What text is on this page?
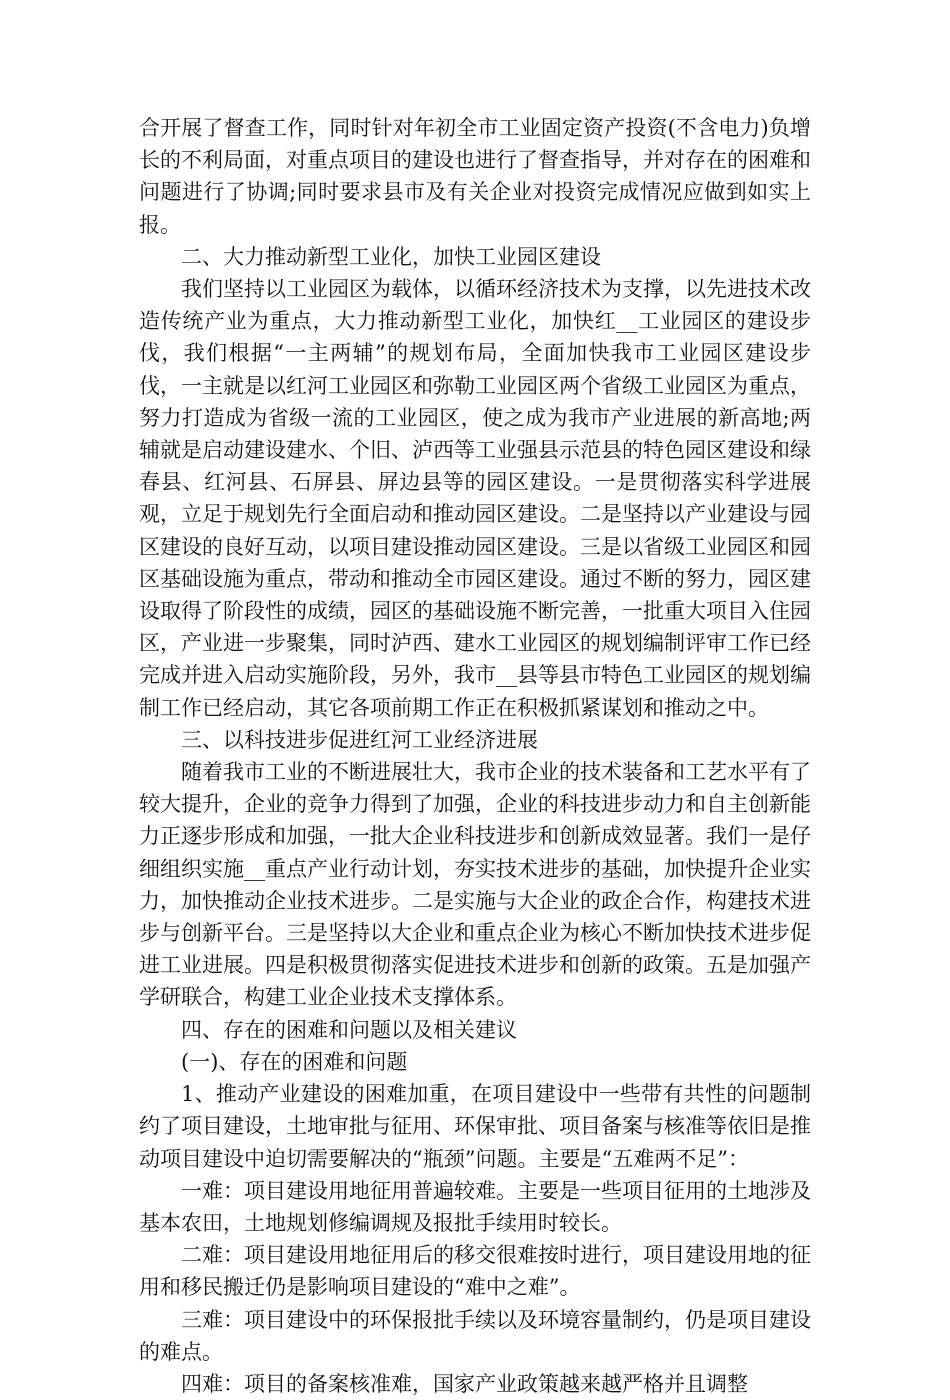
合开展了督查工作，同时针对年初全市工业固定资产投资(不含电力)负增长的不利局面，对重点项目的建设也进行了督查指导，并对存在的困难和问题进行了协调;同时要求县市及有关企业对投资完成情况应做到如实上报。

二、大力推动新型工业化，加快工业园区建设

我们坚持以工业园区为载体，以循环经济技术为支撑，以先进技术改造传统产业为重点，大力推动新型工业化，加快红__工业园区的建设步伐，我们根据“一主两辅”的规划布局，全面加快我市工业园区建设步伐，一主就是以红河工业园区和弥勒工业园区两个省级工业园区为重点，努力打造成为省级一流的工业园区，使之成为我市产业进展的新高地;两辅就是启动建设建水、个旧、泸西等工业强县示范县的特色园区建设和绿春县、红河县、石屏县、屏边县等的园区建设。一是贯彻落实科学进展观，立足于规划先行全面启动和推动园区建设。二是坚持以产业建设与园区建设的良好互动，以项目建设推动园区建设。三是以省级工业园区和园区基础设施为重点，带动和推动全市园区建设。通过不断的努力，园区建设取得了阶段性的成绩，园区的基础设施不断完善，一批重大项目入住园区，产业进一步聚集，同时泸西、建水工业园区的规划编制评审工作已经完成并进入启动实施阶段，另外，我市__县等县市特色工业园区的规划编制工作已经启动，其它各项前期工作正在积极抓紧谋划和推动之中。

三、以科技进步促进红河工业经济进展

随着我市工业的不断进展壮大，我市企业的技术装备和工艺水平有了较大提升，企业的竞争力得到了加强，企业的科技进步动力和自主创新能力正逐步形成和加强，一批大企业科技进步和创新成效显著。我们一是仔细组织实施__重点产业行动计划，夯实技术进步的基础，加快提升企业实力，加快推动企业技术进步。二是实施与大企业的政企合作，构建技术进步与创新平台。三是坚持以大企业和重点企业为核心不断加快技术进步促进工业进展。四是积极贯彻落实促进技术进步和创新的政策。五是加强产学研联合，构建工业企业技术支撑体系。

四、存在的困难和问题以及相关建议

(一)、存在的困难和问题

1、推动产业建设的困难加重，在项目建设中一些带有共性的问题制约了项目建设，土地审批与征用、环保审批、项目备案与核准等依旧是推动项目建设中迫切需要解决的“瓶颈”问题。主要是“五难两不足”：

一难：项目建设用地征用普遍较难。主要是一些项目征用的土地涉及基本农田，土地规划修编调规及报批手续用时较长。

二难：项目建设用地征用后的移交很难按时进行，项目建设用地的征用和移民搬迁仍是影响项目建设的“难中之难”。

三难：项目建设中的环保报批手续以及环境容量制约，仍是项目建设的难点。

四难：项目的备案核准难，国家产业政策越来越严格并且调整
